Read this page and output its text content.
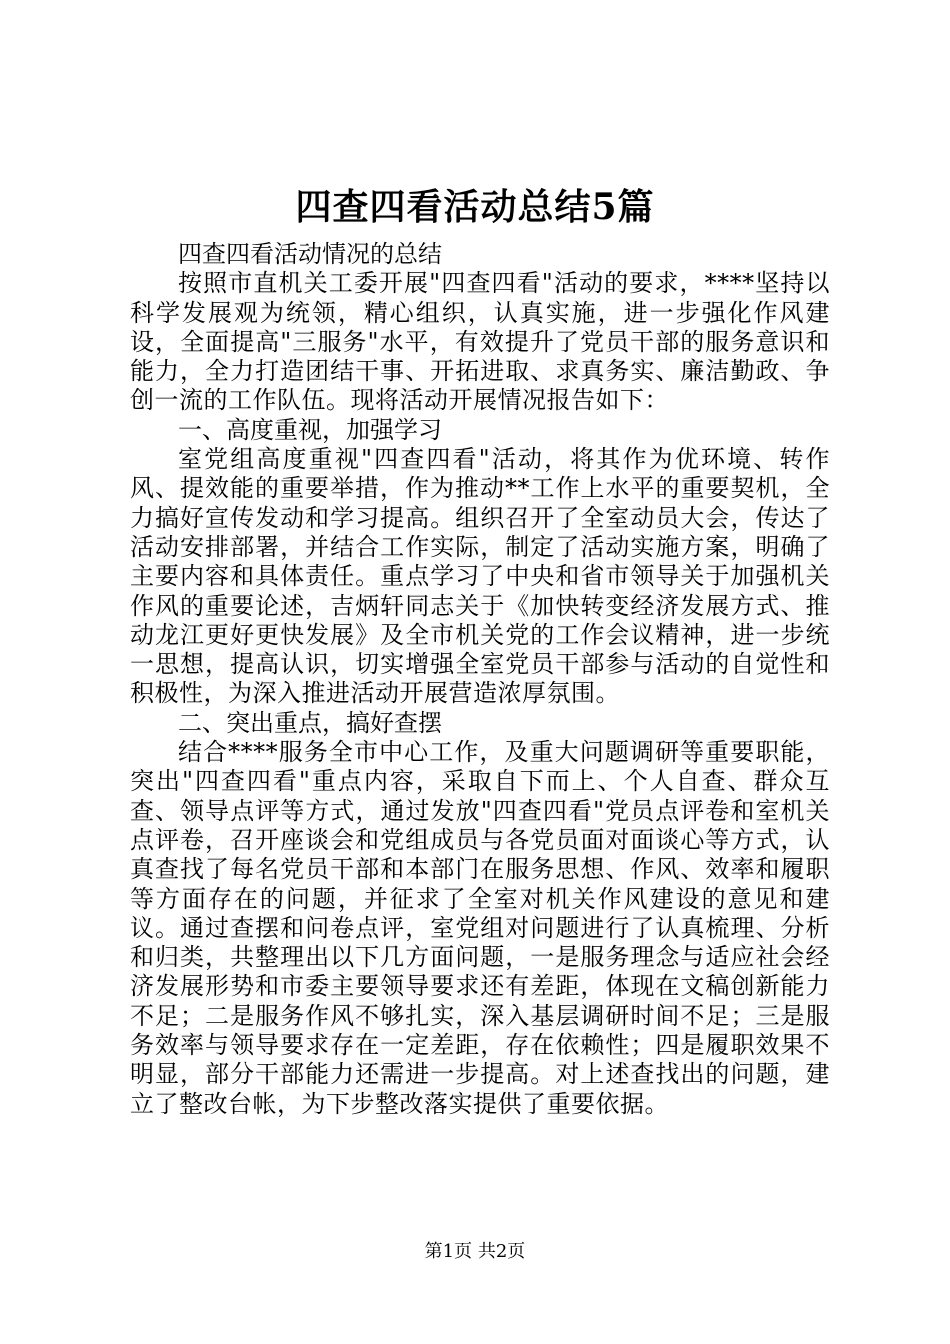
四查四看活动总结5篇

四查四看活动情况的总结

按照市直机关工委开展"四查四看"活动的要求，****坚持以科学发展观为统领，精心组织，认真实施，进一步强化作风建设，全面提高"三服务"水平，有效提升了党员干部的服务意识和能力，全力打造团结干事、开拓进取、求真务实、廉洁勤政、争创一流的工作队伍。现将活动开展情况报告如下：

一、高度重视，加强学习

室党组高度重视"四查四看"活动，将其作为优环境、转作风、提效能的重要举措，作为推动**工作上水平的重要契机，全力搞好宣传发动和学习提高。组织召开了全室动员大会，传达了活动安排部署，并结合工作实际，制定了活动实施方案，明确了主要内容和具体责任。重点学习了中央和省市领导关于加强机关作风的重要论述，吉炳轩同志关于《加快转变经济发展方式、推动龙江更好更快发展》及全市机关党的工作会议精神，进一步统一思想，提高认识，切实增强全室党员干部参与活动的自觉性和积极性，为深入推进活动开展营造浓厚氛围。

二、突出重点，搞好查摆

结合****服务全市中心工作，及重大问题调研等重要职能，突出"四查四看"重点内容，采取自下而上、个人自查、群众互查、领导点评等方式，通过发放"四查四看"党员点评卷和室机关点评卷，召开座谈会和党组成员与各党员面对面谈心等方式，认真查找了每名党员干部和本部门在服务思想、作风、效率和履职等方面存在的问题，并征求了全室对机关作风建设的意见和建议。通过查摆和问卷点评，室党组对问题进行了认真梳理、分析和归类，共整理出以下几方面问题，一是服务理念与适应社会经济发展形势和市委主要领导要求还有差距，体现在文稿创新能力不足；二是服务作风不够扎实，深入基层调研时间不足；三是服务效率与领导要求存在一定差距，存在依赖性；四是履职效果不明显，部分干部能力还需进一步提高。对上述查找出的问题，建立了整改台帐，为下步整改落实提供了重要依据。

第1页 共2页
